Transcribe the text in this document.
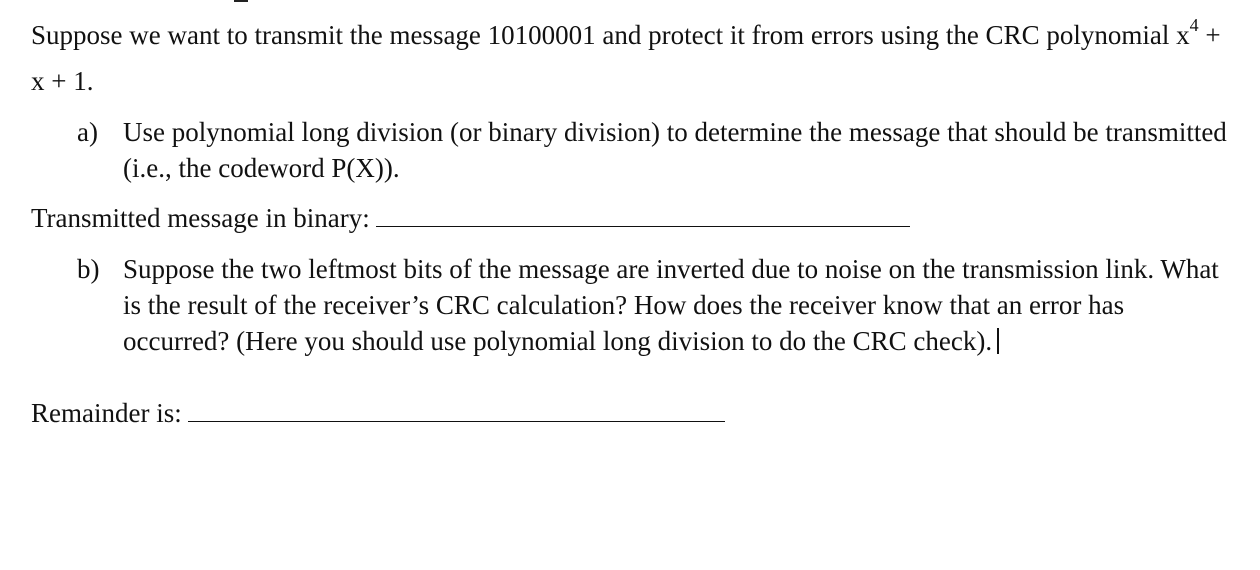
Suppose we want to transmit the message 10100001 and protect it from errors using the CRC polynomial $x^4 + x + 1$.
a) Use polynomial long division (or binary division) to determine the message that should be transmitted (i.e., the codeword P(X)).
Transmitted message in binary:
b) Suppose the two leftmost bits of the message are inverted due to noise on the transmission link. What is the result of the receiver’s CRC calculation? How does the receiver know that an error has occurred? (Here you should use polynomial long division to do the CRC check).
Remainder is:
